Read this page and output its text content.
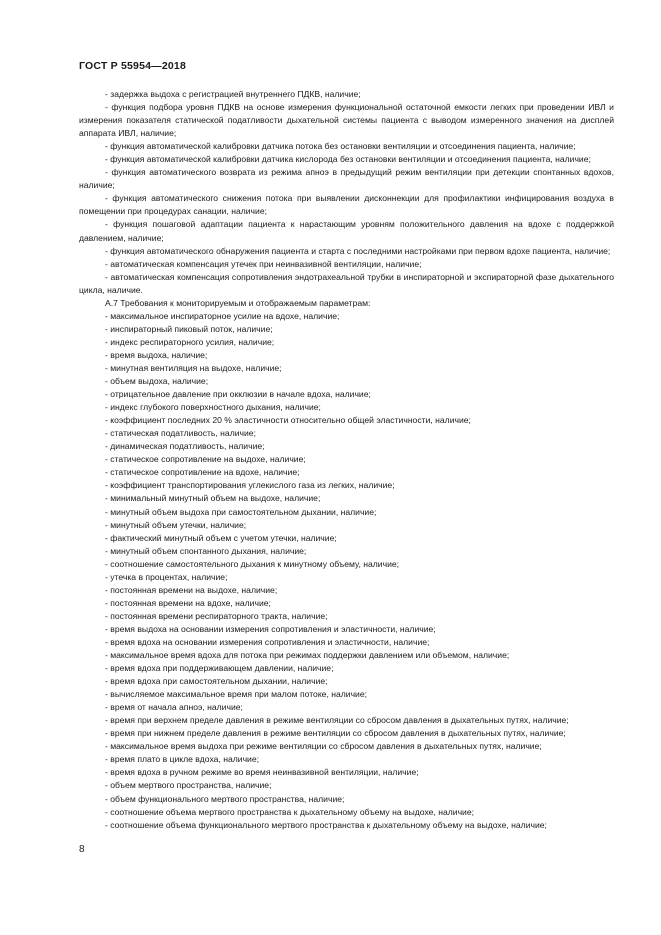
ГОСТ Р 55954—2018

- задержка выдоха с регистрацией внутреннего ПДКВ, наличие;

- функция подбора уровня ПДКВ на основе измерения функциональной остаточной емкости легких при проведении ИВЛ и измерения показателя статической податливости дыхательной системы пациента с выводом измеренного значения на дисплей аппарата ИВЛ, наличие;

- функция автоматической калибровки датчика потока без остановки вентиляции и отсоединения пациента, наличие;

- функция автоматической калибровки датчика кислорода без остановки вентиляции и отсоединения пациента, наличие;

- функция автоматического возврата из режима апноэ в предыдущий режим вентиляции при детекции спонтанных вдохов, наличие;

- функция автоматического снижения потока при выявлении дисконнекции для профилактики инфицирования воздуха в помещении при процедурах санации, наличие;

- функция пошаговой адаптации пациента к нарастающим уровням положительного давления на вдохе с поддержкой давлением, наличие;

- функция автоматического обнаружения пациента и старта с последними настройками при первом вдохе пациента, наличие;

- автоматическая компенсация утечек при неинвазивной вентиляции, наличие;

- автоматическая компенсация сопротивления эндотрахеальной трубки в инспираторной и экспираторной фазе дыхательного цикла, наличие.

А.7 Требования к мониторируемым и отображаемым параметрам:

- максимальное инспираторное усилие на вдохе, наличие;

- инспираторный пиковый поток, наличие;

- индекс респираторного усилия, наличие;

- время выдоха, наличие;

- минутная вентиляция на выдохе, наличие;

- объем выдоха, наличие;

- отрицательное давление при окклюзии в начале вдоха, наличие;

- индекс глубокого поверхностного дыхания, наличие;

- коэффициент последних 20 % эластичности относительно общей эластичности, наличие;

- статическая податливость, наличие;

- динамическая податливость, наличие;

- статическое сопротивление на выдохе, наличие;

- статическое сопротивление на вдохе, наличие;

- коэффициент транспортирования углекислого газа из легких, наличие;

- минимальный минутный объем на выдохе, наличие;

- минутный объем выдоха при самостоятельном дыхании, наличие;

- минутный объем утечки, наличие;

- фактический минутный объем с учетом утечки, наличие;

- минутный объем спонтанного дыхания, наличие;

- соотношение самостоятельного дыхания к минутному объему, наличие;

- утечка в процентах, наличие;

- постоянная времени на выдохе, наличие;

- постоянная времени на вдохе, наличие;

- постоянная времени респираторного тракта, наличие;

- время выдоха на основании измерения сопротивления и эластичности, наличие;

- время вдоха на основании измерения сопротивления и эластичности, наличие;

- максимальное время вдоха для потока при режимах поддержки давлением или объемом, наличие;

- время вдоха при поддерживающем давлении, наличие;

- время вдоха при самостоятельном дыхании, наличие;

- вычисляемое максимальное время при малом потоке, наличие;

- время от начала апноэ, наличие;

- время при верхнем пределе давления в режиме вентиляции со сбросом давления в дыхательных путях, наличие;

- время при нижнем пределе давления в режиме вентиляции со сбросом давления в дыхательных путях, наличие;

- максимальное время выдоха при режиме вентиляции со сбросом давления в дыхательных путях, наличие;

- время плато в цикле вдоха, наличие;

- время вдоха в ручном режиме во время неинвазивной вентиляции, наличие;

- объем мертвого пространства, наличие;

- объем функционального мертвого пространства, наличие;

- соотношение объема мертвого пространства к дыхательному объему на выдохе, наличие;

- соотношение объема функционального мертвого пространства к дыхательному объему на выдохе, наличие;

8
